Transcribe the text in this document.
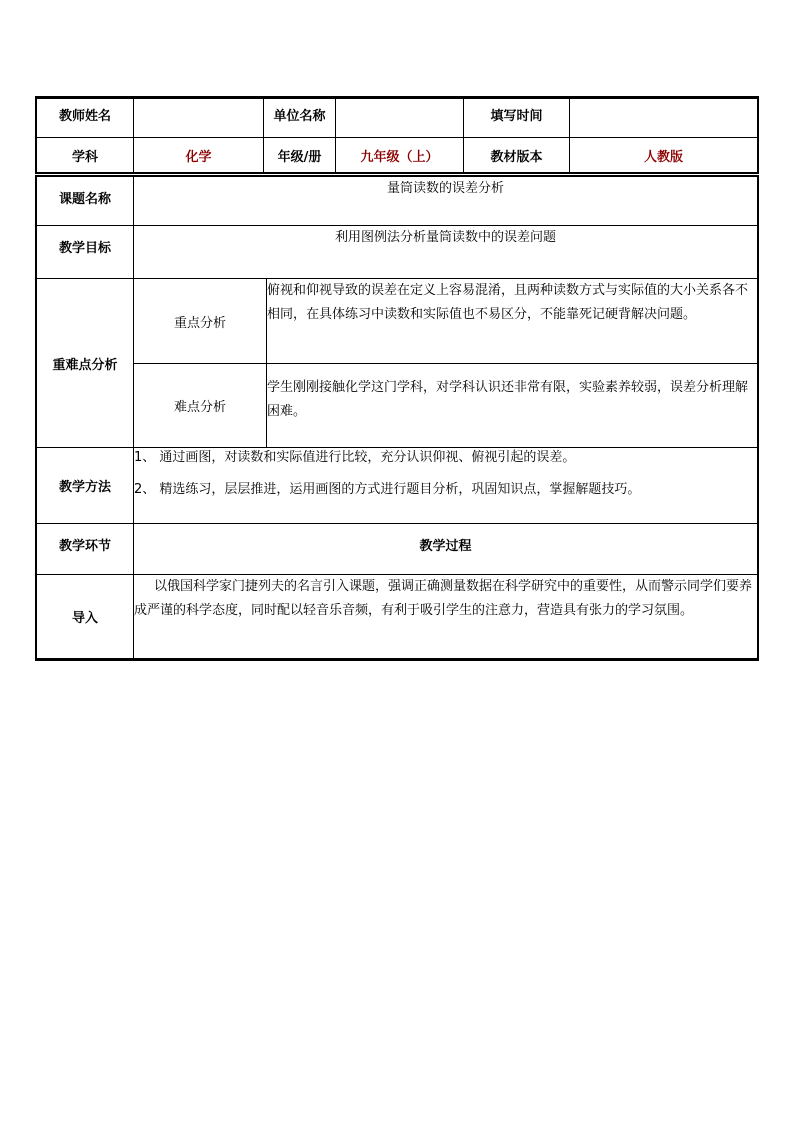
教师姓名		单位名称		填写时间	
学科	化学	年级/册	九年级（上）	教材版本	人教版
课题名称	量筒读数的误差分析	
教学目标	利用图例法分析量筒读数中的误差问题	
重难点分析	重点分析	俯视和仰视导致的误差在定义上容易混淆，且两种读数方式与实际值的大小关系各不相同，在具体练习中读数和实际值也不易区分，不能靠死记硬背解决问题。
	难点分析	学生刚刚接触化学这门学科，对学科认识还非常有限，实验素养较弱，误差分析理解困难。
教学方法	1、 通过画图，对读数和实际值进行比较，充分认识仰视、俯视引起的误差。

2、 精选练习，层层推进，运用画图的方式进行题目分析，巩固知识点，掌握解题技巧。	

教学环节	教学过程	
导入	以俄国科学家门捷列夫的名言引入课题，强调正确测量数据在科学研究中的重要性，从而警示同学们要养成严谨的科学态度，同时配以轻音乐音频，有利于吸引学生的注意力，营造具有张力的学习氛围。	
